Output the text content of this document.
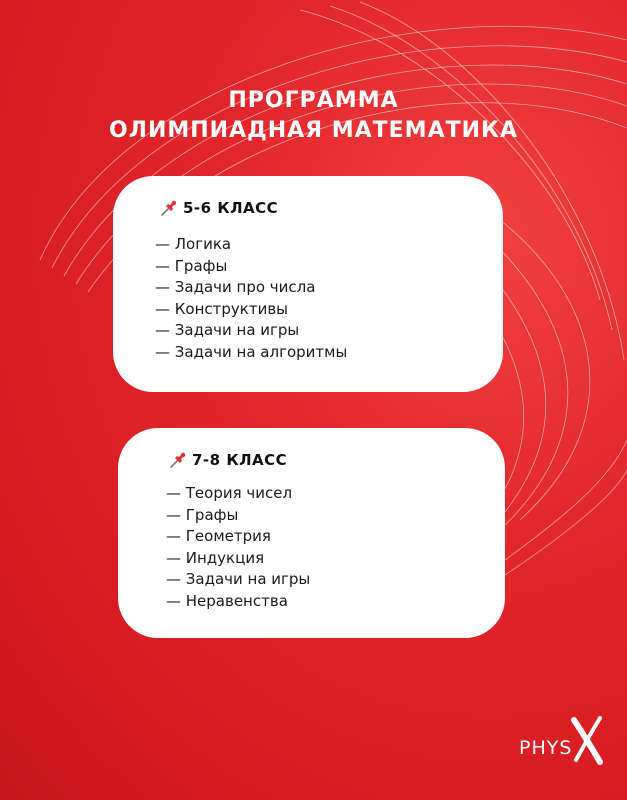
ПРОГРАММА
ОЛИМПИАДНАЯ МАТЕМАТИКА
5-6 КЛАСС
— Логика
— Графы
— Задачи про числа
— Конструктивы
— Задачи на игры
— Задачи на алгоритмы
7-8 КЛАСС
— Теория чисел
— Графы
— Геометрия
— Индукция
— Задачи на игры
— Неравенства
PHYS
